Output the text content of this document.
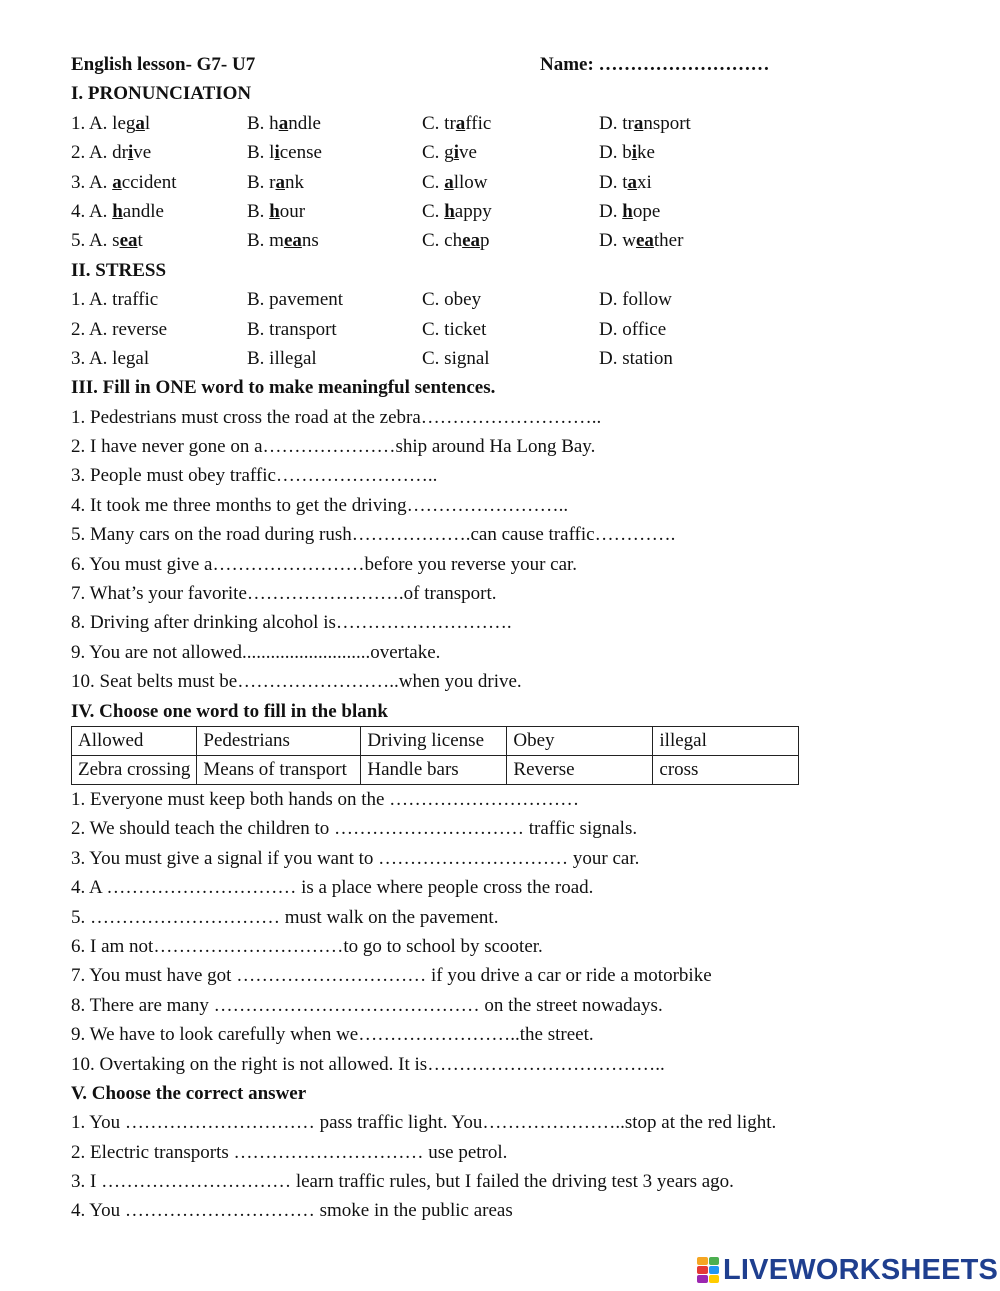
English lesson- G7- U7	Name: ………………………
I. PRONUNCIATION
1. A. legal	B. handle	C. traffic	D. transport
2. A. drive	B. license	C. give	D. bike
3. A. accident	B. rank	C. allow	D. taxi
4. A. handle	B. hour	C. happy	D. hope
5. A. seat	B. means	C. cheap	D. weather
II. STRESS
1. A. traffic	B. pavement	C. obey	D. follow
2. A. reverse	B. transport	C. ticket	D. office
3. A. legal	B. illegal	C. signal	D. station
III. Fill in ONE word to make meaningful sentences.
1. Pedestrians must cross the road at the zebra………………………..
2. I have never gone on a…………………ship around Ha Long Bay.
3. People must obey traffic……………………..
4. It took me three months to get the driving……………………..
5. Many cars on the road during rush……………….can cause traffic………….
6. You must give a……………………before you reverse your car.
7. What’s your favorite…………………….of transport.
8. Driving after drinking alcohol is……………………….
9. You are not allowed...........................overtake.
10. Seat belts must be……………………..when you drive.
IV. Choose one word to fill in the blank
Allowed	Pedestrians	Driving license	Obey	illegal
Zebra crossing	Means of transport	Handle bars	Reverse	cross
1. Everyone must keep both hands on the …………………………
2. We should teach the children to ………………………… traffic signals.
3. You must give a signal if you want to ………………………… your car.
4. A ………………………… is a place where people cross the road.
5. ………………………… must walk on the pavement.
6. I am not…………………………to go to school by scooter.
7. You must have got ………………………… if you drive a car or ride a motorbike
8. There are many …………………………………… on the street nowadays.
9. We have to look carefully when we……………………..the street.
10. Overtaking on the right is not allowed. It is………………………………..
V. Choose the correct answer
1. You ………………………… pass traffic light. You…………………..stop at the red light.
2. Electric transports ………………………… use petrol.
3. I ………………………… learn traffic rules, but I failed the driving test 3 years ago.
4. You ………………………… smoke in the public areas
LIVEWORKSHEETS
